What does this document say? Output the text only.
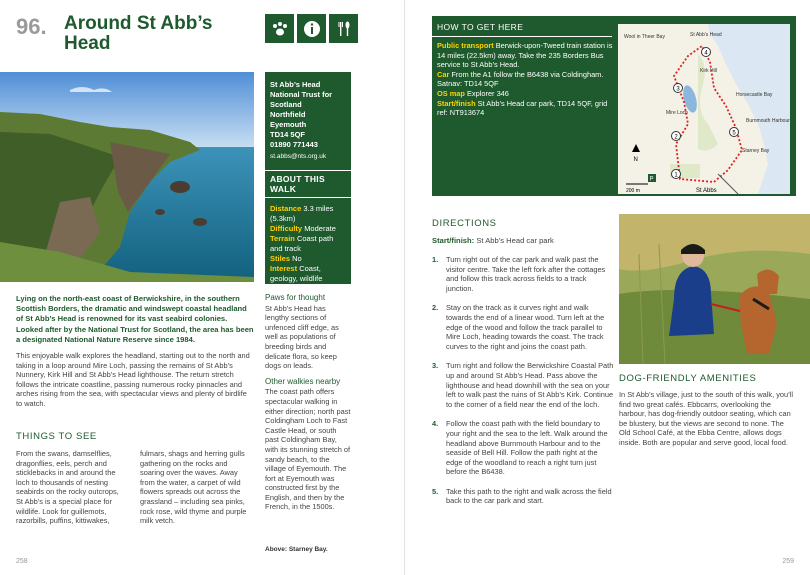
96. Around St Abb’s Head
St Abb’s Head
National Trust for
Scotland
Northfield
Eyemouth
TD14 5QF
01890 771443
st.abbs@nts.org.uk
ABOUT THIS WALK
Distance 3.3 miles (5.3km)
Difficulty Moderate
Terrain Coast path and track
Stiles No
Interest Coast, geology, wildlife
Lying on the north-east coast of Berwickshire, in the southern Scottish Borders, the dramatic and windswept coastal headland of St Abb’s Head is renowned for its vast seabird colonies. Looked after by the National Trust for Scotland, the area has been a designated National Nature Reserve since 1984.
This enjoyable walk explores the headland, starting out to the north and taking in a loop around Mire Loch, passing the remains of St Abb’s Nunnery, Kirk Hill and St Abb’s Head lighthouse. The return stretch follows the intricate coastline, passing numerous rocky pinnacles and arches rising from the sea, with spectacular views and plenty of birdlife to watch.
THINGS TO SEE
From the swans, damselflies, dragonflies, eels, perch and sticklebacks in and around the loch to thousands of nesting seabirds on the rocky outcrops, St Abb’s is a special place for wildlife. Look for guillemots, razorbills, puffins, kittiwakes,
fulmars, shags and herring gulls gathering on the rocks and soaring over the waves. Away from the water, a carpet of wild flowers spreads out across the grassland – including sea pinks, rock rose, wild thyme and purple milk vetch.
Paws for thought

St Abb’s Head has lengthy sections of unfenced cliff edge, as well as populations of breeding birds and delicate flora, so keep dogs on leads.

Other walkies nearby

The coast path offers spectacular walking in either direction; north past Coldingham Loch to Fast Castle Head, or south past Coldingham Bay, with its stunning stretch of sandy beach, to the village of Eyemouth. The fort at Eyemouth was constructed first by the English, and then by the French, in the 1500s.

Above: Starney Bay.
258
HOW TO GET HERE
Public transport Berwick-upon-Tweed train station is 14 miles (22.5km) away. Take the 235 Borders Bus service to St Abb’s Head.
Car From the A1 follow the B6438 via Coldingham. Satnav: TD14 5QF
OS map Explorer 346
Start/finish St Abb’s Head car park, TD14 5QF, grid ref: NT913674
1
2
3
4
5
Wool in Theer Bay	St Abb’s Head
Kirk Hill
Mire Loch
Horsecastle Bay
Burnmouth Harbour
Starney Bay
P
St Abbs
200 m
N
DIRECTIONS
Start/finish: St Abb’s Head car park
1.	Turn right out of the car park and walk past the visitor centre. Take the left fork after the cottages and follow this track across fields to a track junction.
2.	Stay on the track as it curves right and walk towards the end of a linear wood. Turn left at the edge of the wood and follow the track parallel to Mire Loch, heading towards the coast. The track curves to the right and joins the coast path.
3.	Turn right and follow the Berwickshire Coastal Path up and around St Abb’s Head. Pass above the lighthouse and head downhill with the sea on your left to walk past the ruins of St Abb’s Kirk. Continue to the corner of a field near the end of the loch.
4.	Follow the coast path with the field boundary to your right and the sea to the left. Walk around the headland above Burnmouth Harbour and to the seaside of Bell Hill. Follow the path right at the edge of the woodland to reach a right turn just before the B6438.
5.	Take this path to the right and walk across the field back to the car park and start.
DOG-FRIENDLY AMENITIES
In St Abb’s village, just to the south of this walk, you’ll find two great cafés. Ebbcarrs, overlooking the harbour, has dog-friendly outdoor seating, which can be blustery, but the views are second to none. The Old School Café, at the Ebba Centre, allows dogs inside. Both are popular and serve good, local food.
259
